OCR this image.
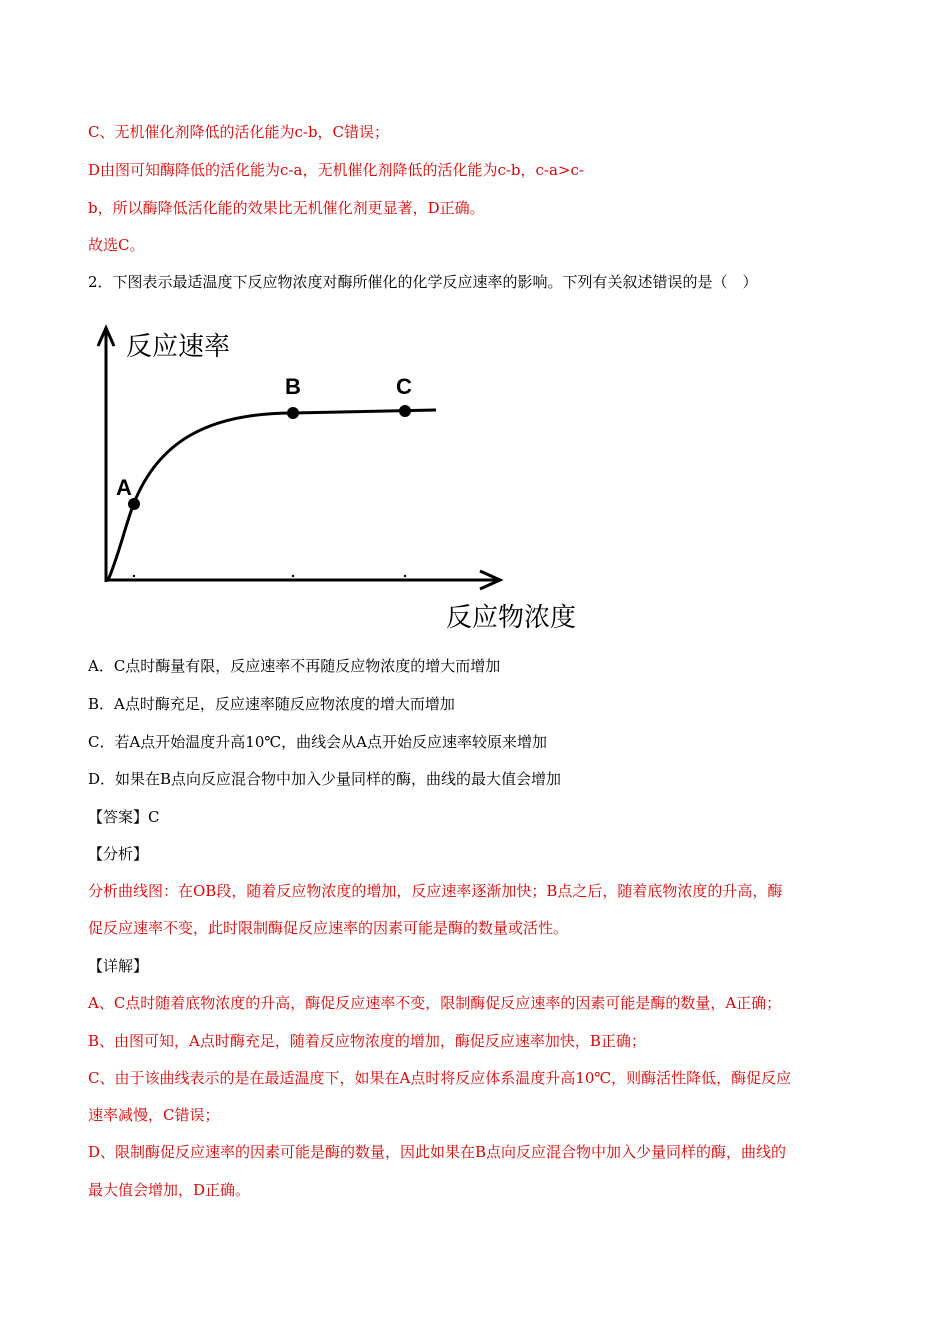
C、无机催化剂降低的活化能为c-b，C错误；
D由图可知酶降低的活化能为c-a，无机催化剂降低的活化能为c-b，c-a>c-
b，所以酶降低活化能的效果比无机催化剂更显著，D正确。
故选C。
2．下图表示最适温度下反应物浓度对酶所催化的化学反应速率的影响。下列有关叙述错误的是（　）
A
B	C
反应速率
反应物浓度
A．C点时酶量有限，反应速率不再随反应物浓度的增大而增加
B．A点时酶充足，反应速率随反应物浓度的增大而增加
C．若A点开始温度升高10℃，曲线会从A点开始反应速率较原来增加
D．如果在B点向反应混合物中加入少量同样的酶，曲线的最大值会增加
【答案】C
【分析】
分析曲线图：在OB段，随着反应物浓度的增加，反应速率逐渐加快；B点之后，随着底物浓度的升高，酶
促反应速率不变，此时限制酶促反应速率的因素可能是酶的数量或活性。
【详解】
A、C点时随着底物浓度的升高，酶促反应速率不变，限制酶促反应速率的因素可能是酶的数量，A正确；
B、由图可知，A点时酶充足，随着反应物浓度的增加，酶促反应速率加快，B正确；
C、由于该曲线表示的是在最适温度下，如果在A点时将反应体系温度升高10℃，则酶活性降低，酶促反应
速率减慢，C错误；
D、限制酶促反应速率的因素可能是酶的数量，因此如果在B点向反应混合物中加入少量同样的酶，曲线的
最大值会增加，D正确。
